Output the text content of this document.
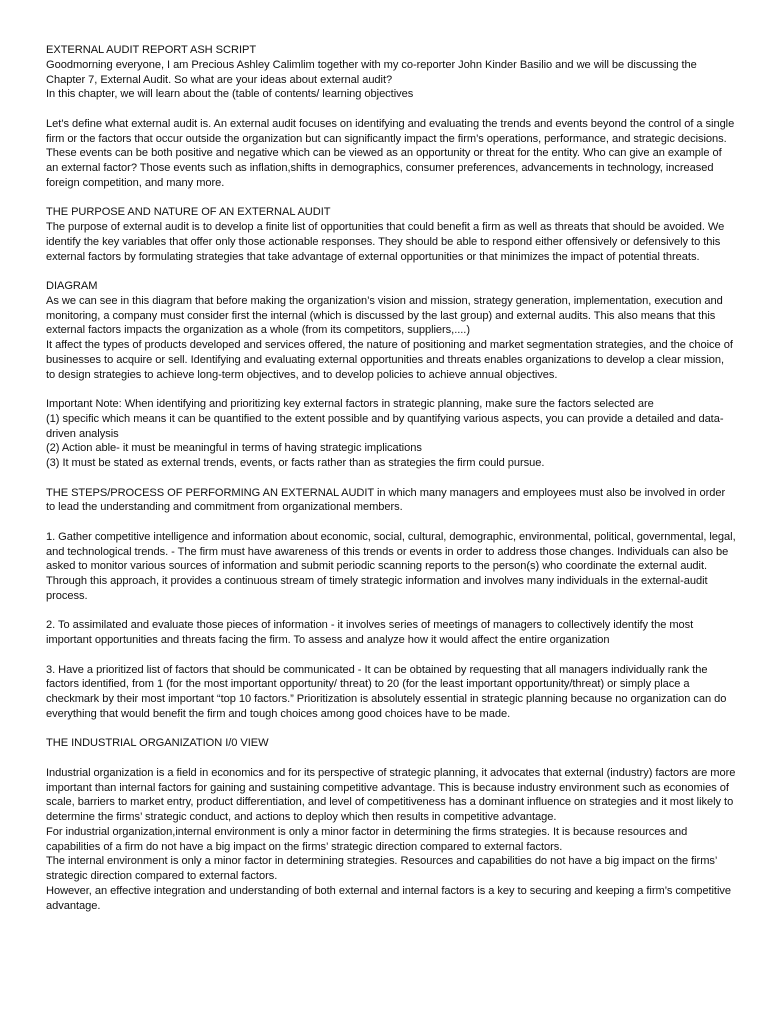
EXTERNAL AUDIT REPORT ASH SCRIPT

Goodmorning everyone, I am Precious Ashley Calimlim together with my co-reporter John Kinder Basilio and we will be discussing the Chapter 7, External Audit. So what are your ideas about external audit?

In this chapter, we will learn about the (table of contents/ learning objectives

Let’s define what external audit is. An external audit focuses on identifying and evaluating the trends and events beyond the control of a single firm or the factors that occur outside the organization but can significantly impact the firm’s operations, performance, and strategic decisions. These events can be both positive and negative which can be viewed as an opportunity or threat for the entity. Who can give an example of an external factor? Those events such as inflation,shifts in demographics, consumer preferences, advancements in technology, increased foreign competition, and many more.

THE PURPOSE AND NATURE OF AN EXTERNAL AUDIT

The purpose of external audit is to develop a finite list of opportunities that could benefit a firm as well as threats that should be avoided. We identify the key variables that offer only those actionable responses. They should be able to respond either offensively or defensively to this external factors by formulating strategies that take advantage of external opportunities or that minimizes the impact of potential threats.

DIAGRAM

As we can see in this diagram that before making the organization’s vision and mission, strategy generation, implementation, execution and monitoring, a company must consider first the internal (which is discussed by the last group) and external audits. This also means that this external factors impacts the organization as a whole (from its competitors, suppliers,....)

It affect the types of products developed and services offered, the nature of positioning and market segmentation strategies, and the choice of businesses to acquire or sell. Identifying and evaluating external opportunities and threats enables organizations to develop a clear mission, to design strategies to achieve long-term objectives, and to develop policies to achieve annual objectives.

Important Note: When identifying and prioritizing key external factors in strategic planning, make sure the factors selected are

(1) specific which means it can be quantified to the extent possible and by quantifying various aspects, you can provide a detailed and data-driven analysis

(2) Action able- it must be meaningful in terms of having strategic implications

(3) It must be stated as external trends, events, or facts rather than as strategies the firm could pursue.

THE STEPS/PROCESS OF PERFORMING AN EXTERNAL AUDIT in which many managers and employees must also be involved in order to lead the understanding and commitment from organizational members.

1. Gather competitive intelligence and information about economic, social, cultural, demographic, environmental, political, governmental, legal, and technological trends. - The firm must have awareness of this trends or events in order to address those changes. Individuals can also be asked to monitor various sources of information and submit periodic scanning reports to the person(s) who coordinate the external audit. Through this approach, it provides a continuous stream of timely strategic information and involves many individuals in the external-audit process.

2. To assimilated and evaluate those pieces of information - it involves series of meetings of managers to collectively identify the most important opportunities and threats facing the firm. To assess and analyze how it would affect the entire organization

3. Have a prioritized list of factors that should be communicated - It can be obtained by requesting that all managers individually rank the factors identified, from 1 (for the most important opportunity/ threat) to 20 (for the least important opportunity/threat) or simply place a checkmark by their most important “top 10 factors.” Prioritization is absolutely essential in strategic planning because no organization can do everything that would benefit the firm and tough choices among good choices have to be made.

THE INDUSTRIAL ORGANIZATION I/0 VIEW

Industrial organization is a field in economics and for its perspective of strategic planning, it advocates that external (industry) factors are more important than internal factors for gaining and sustaining competitive advantage. This is because industry environment such as economies of scale, barriers to market entry, product differentiation, and level of competitiveness has a dominant influence on strategies and it most likely to determine the firms’ strategic conduct, and actions to deploy which then results in competitive advantage.

For industrial organization,internal environment is only a minor factor in determining the firms strategies. It is because resources and capabilities of a firm do not have a big impact on the firms’ strategic direction compared to external factors.

The internal environment is only a minor factor in determining strategies. Resources and capabilities do not have a big impact on the firms’ strategic direction compared to external factors.

However, an effective integration and understanding of both external and internal factors is a key to securing and keeping a firm’s competitive advantage.
